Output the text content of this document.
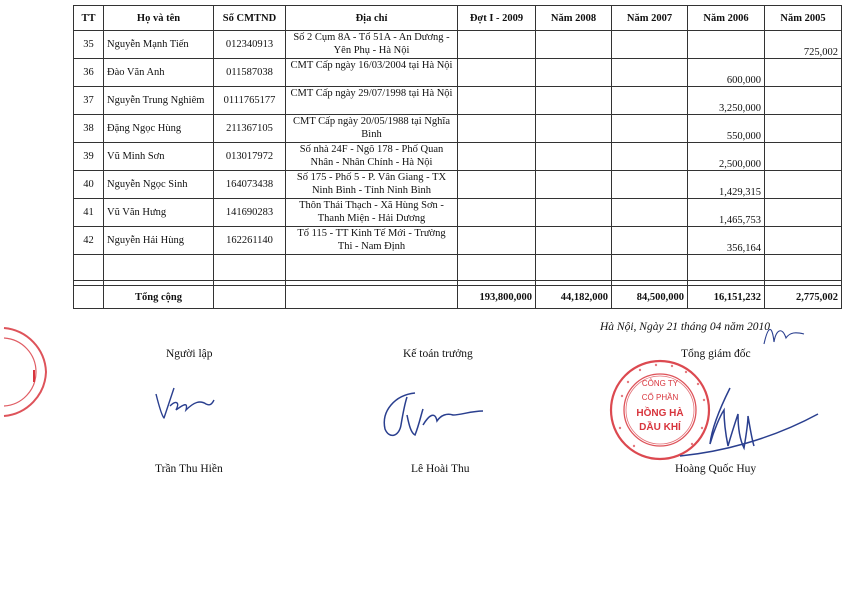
TT	Họ và tên	Số CMTND	Địa chỉ	Đợt I - 2009	Năm 2008	Năm 2007	Năm 2006	Năm 2005
35	Nguyễn Mạnh Tiến	012340913	Số 2 Cụm 8A - Tổ 51A - An Dương - Yên Phụ - Hà Nội					725,002
36	Đào Văn Anh	011587038	CMT Cấp ngày 16/03/2004 tại Hà Nội				600,000	
37	Nguyễn Trung Nghiêm	0111765177	CMT Cấp ngày 29/07/1998 tại Hà Nội				3,250,000	
38	Đặng Ngọc Hùng	211367105	CMT Cấp ngày 20/05/1988 tại Nghĩa Bình				550,000	
39	Vũ Minh Sơn	013017972	Số nhà 24F - Ngõ 178 - Phố Quan Nhân - Nhân Chính - Hà Nội				2,500,000	
40	Nguyễn Ngọc Sinh	164073438	Số 175 - Phố 5 - P. Vân Giang - TX Ninh Bình - Tỉnh Ninh Bình				1,429,315	
41	Vũ Văn Hưng	141690283	Thôn Thái Thạch - Xã Hùng Sơn - Thanh Miện - Hải Dương				1,465,753	
42	Nguyễn Hải Hùng	162261140	Tổ 115 - TT Kinh Tế Mới - Trường Thi - Nam Định				356,164	

	Tổng cộng			193,800,000	44,182,000	84,500,000	16,151,232	2,775,002
Hà Nội, Ngày 21 tháng 04 năm 2010
Người lập	Kế toán trưởng	Tổng giám đốc
Trần Thu Hiền	Lê Hoài Thu	Hoàng Quốc Huy
CÔNG TY
CỔ PHẦN
HỒNG HÀ
DẦU KHÍ
